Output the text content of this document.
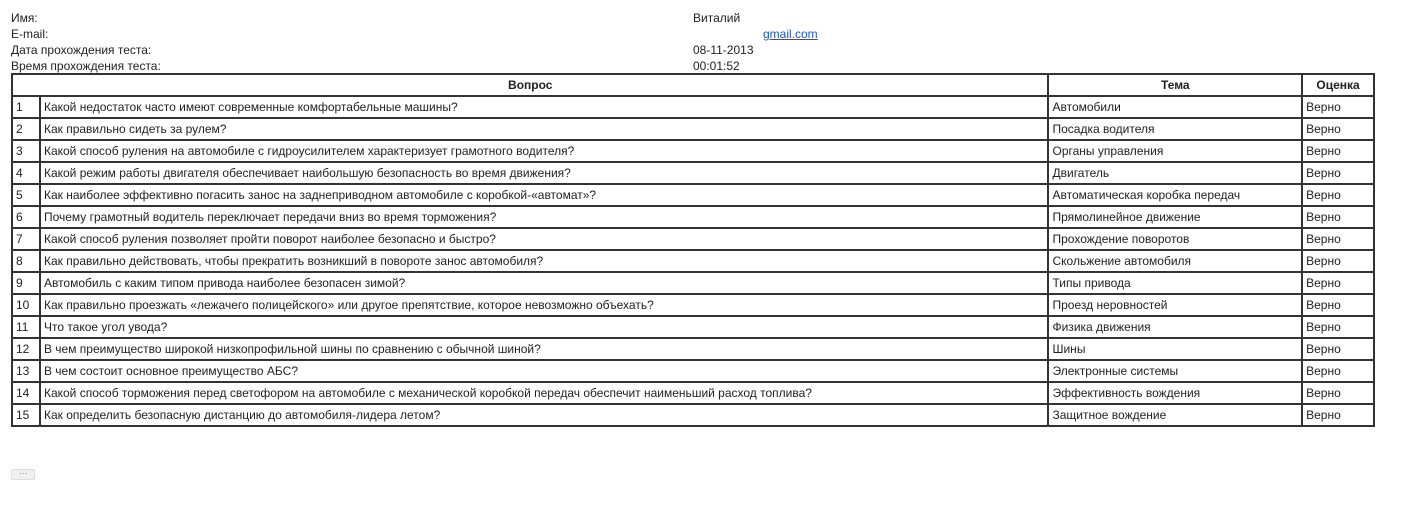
Имя:	Виталий
E-mail:	gmail.com
Дата прохождения теста:	08-11-2013
Время прохождения теста:	00:01:52
Вопрос		Тема	Оценка
1	Какой недостаток часто имеют современные комфортабельные машины?	Автомобили	Верно
2	Как правильно сидеть за рулем?	Посадка водителя	Верно
3	Какой способ руления на автомобиле с гидроусилителем характеризует грамотного водителя?	Органы управления	Верно
4	Какой режим работы двигателя обеспечивает наибольшую безопасность во время движения?	Двигатель	Верно
5	Как наиболее эффективно погасить занос на заднеприводном автомобиле с коробкой-«автомат»?	Автоматическая коробка передач	Верно
6	Почему грамотный водитель переключает передачи вниз во время торможения?	Прямолинейное движение	Верно
7	Какой способ руления позволяет пройти поворот наиболее безопасно и быстро?	Прохождение поворотов	Верно
8	Как правильно действовать, чтобы прекратить возникший в повороте занос автомобиля?	Скольжение автомобиля	Верно
9	Автомобиль с каким типом привода наиболее безопасен зимой?	Типы привода	Верно
10	Как правильно проезжать «лежачего полицейского» или другое препятствие, которое невозможно объехать?	Проезд неровностей	Верно
11	Что такое угол увода?	Физика движения	Верно
12	В чем преимущество широкой низкопрофильной шины по сравнению с обычной шиной?	Шины	Верно
13	В чем состоит основное преимущество АБС?	Электронные системы	Верно
14	Какой способ торможения перед светофором на автомобиле с механической коробкой передач обеспечит наименьший расход топлива?	Эффективность вождения	Верно
15	Как определить безопасную дистанцию до автомобиля-лидера летом?	Защитное вождение	Верно
···
